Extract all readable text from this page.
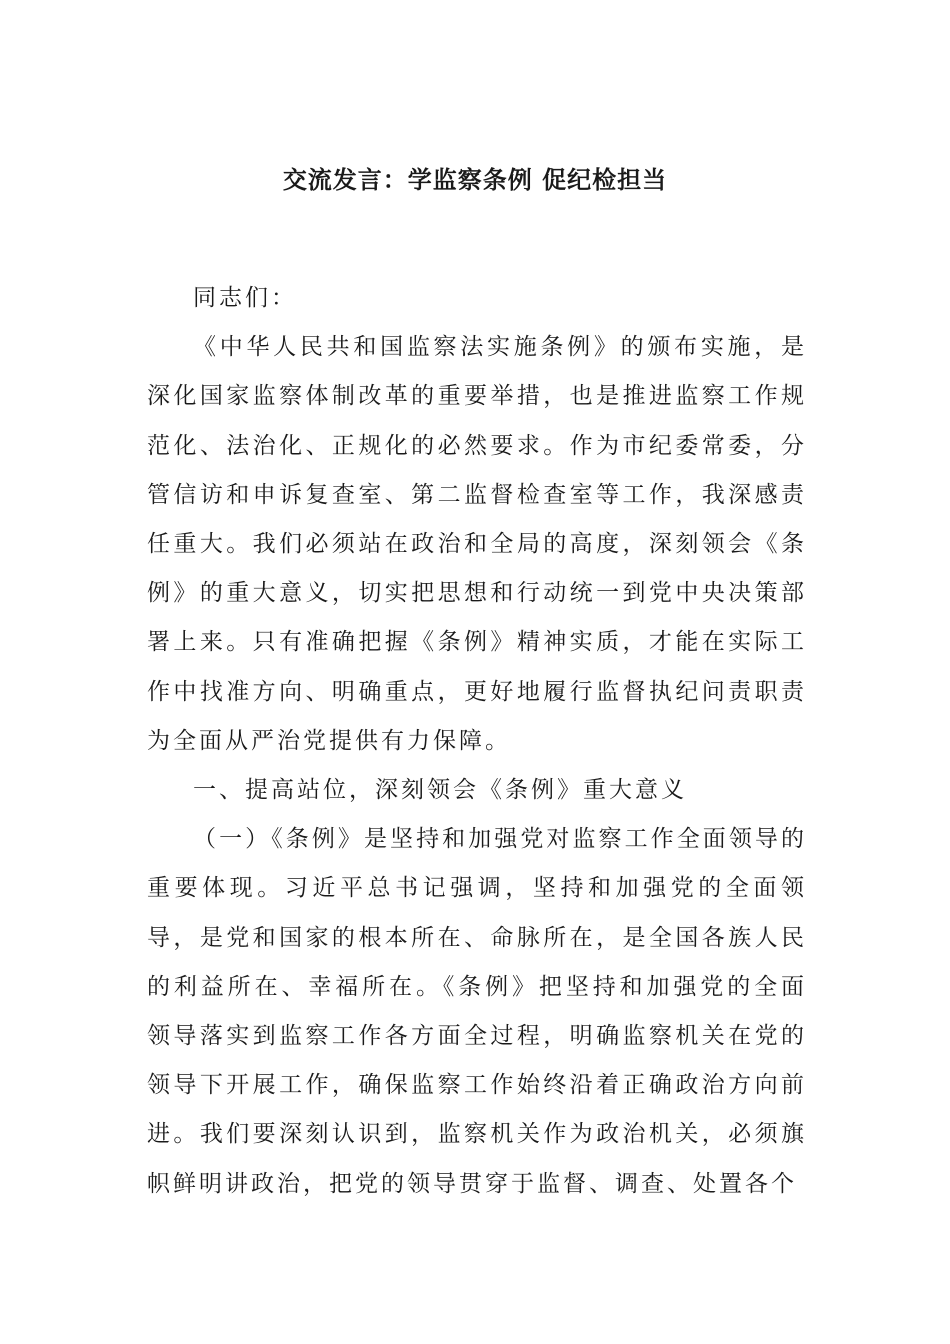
交流发言：学监察条例 促纪检担当

同志们：

《中华人民共和国监察法实施条例》的颁布实施，是深化国家监察体制改革的重要举措，也是推进监察工作规范化、法治化、正规化的必然要求。作为市纪委常委，分管信访和申诉复查室、第二监督检查室等工作，我深感责任重大。我们必须站在政治和全局的高度，深刻领会《条例》的重大意义，切实把思想和行动统一到党中央决策部署上来。只有准确把握《条例》精神实质，才能在实际工作中找准方向、明确重点，更好地履行监督执纪问责职责为全面从严治党提供有力保障。

一、提高站位，深刻领会《条例》重大意义

（一）《条例》是坚持和加强党对监察工作全面领导的重要体现。习近平总书记强调，坚持和加强党的全面领导，是党和国家的根本所在、命脉所在，是全国各族人民的利益所在、幸福所在。《条例》把坚持和加强党的全面领导落实到监察工作各方面全过程，明确监察机关在党的领导下开展工作，确保监察工作始终沿着正确政治方向前进。我们要深刻认识到，监察机关作为政治机关，必须旗帜鲜明讲政治，把党的领导贯穿于监督、调查、处置各个
